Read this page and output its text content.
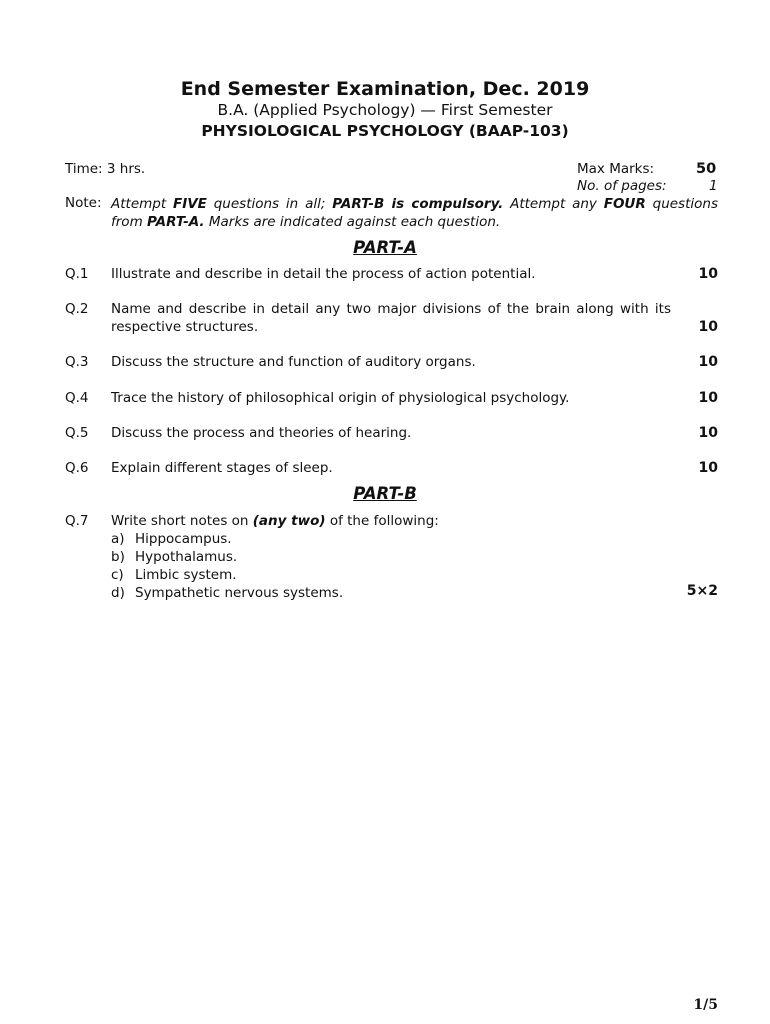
End Semester Examination, Dec. 2019
B.A. (Applied Psychology) — First Semester
PHYSIOLOGICAL PSYCHOLOGY (BAAP-103)
Time: 3 hrs.	Max Marks:	50
No. of pages:	1
Note: Attempt FIVE questions in all; PART-B is compulsory. Attempt any FOUR questions from PART-A. Marks are indicated against each question.
PART-A
Q.1 Illustrate and describe in detail the process of action potential.	10
Q.2 Name and describe in detail any two major divisions of the brain along with its respective structures.	10
Q.3 Discuss the structure and function of auditory organs.	10
Q.4 Trace the history of philosophical origin of physiological psychology.	10
Q.5 Discuss the process and theories of hearing.	10
Q.6 Explain different stages of sleep.	10
PART-B
Q.7 Write short notes on (any two) of the following:
a) Hippocampus.
b) Hypothalamus.
c) Limbic system.
d) Sympathetic nervous systems.	5×2
1/5
